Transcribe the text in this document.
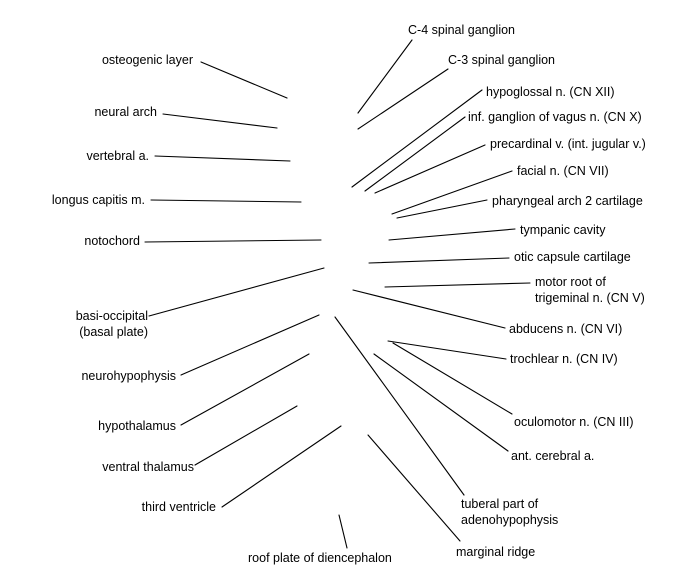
osteogenic layer
neural arch
vertebral a.
longus capitis m.
notochord
basi-occipital (basal plate)
neurohypophysis
hypothalamus
ventral thalamus
third ventricle
roof plate of diencephalon
C-4 spinal ganglion
C-3 spinal ganglion
hypoglossal n. (CN XII)
inf. ganglion of vagus n. (CN X)
precardinal v. (int. jugular v.)
facial n. (CN VII)
pharyngeal arch 2 cartilage
tympanic cavity
otic capsule cartilage
motor root of trigeminal n. (CN V)
abducens n. (CN VI)
trochlear n. (CN IV)
oculomotor n. (CN III)
ant. cerebral a.
tuberal part of adenohypophysis
marginal ridge
